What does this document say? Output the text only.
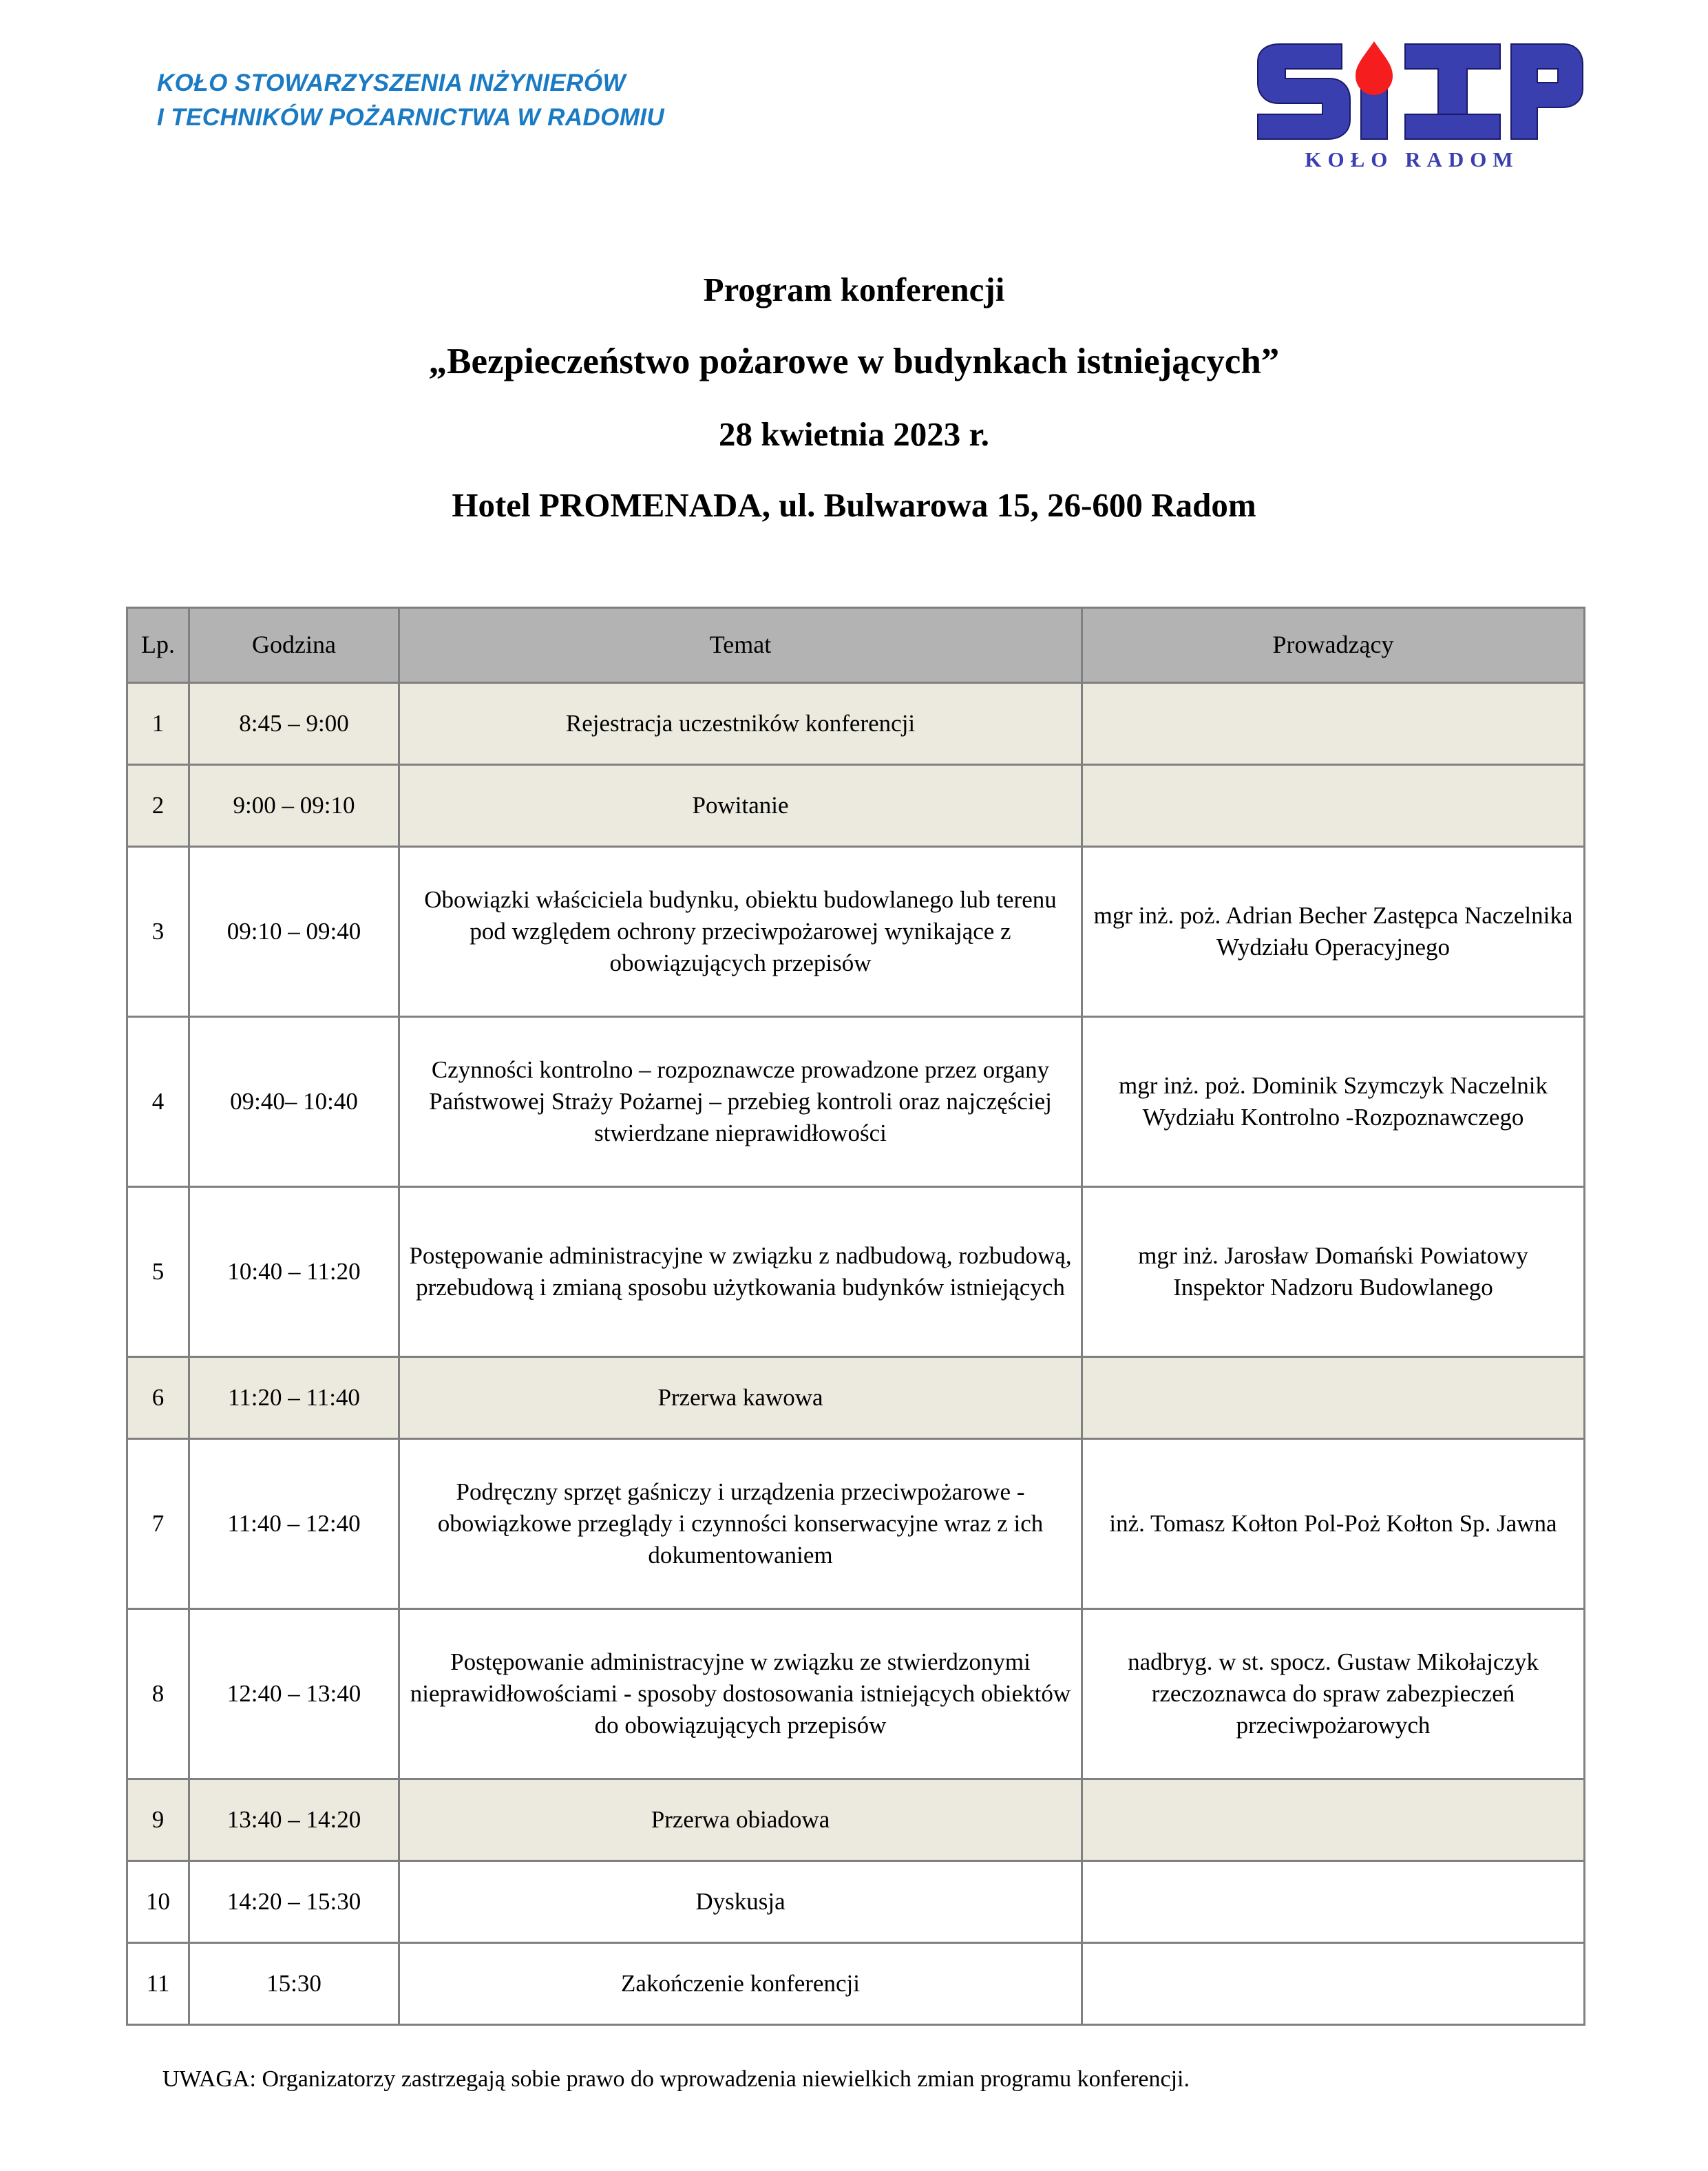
KOŁO STOWARZYSZENIA INŻYNIERÓW
I TECHNIKÓW POŻARNICTWA W RADOMIU
KOŁO RADOM
Program konferencji
„Bezpieczeństwo pożarowe w budynkach istniejących”
28 kwietnia 2023 r.
Hotel PROMENADA, ul. Bulwarowa 15, 26-600 Radom
Lp.	Godzina	Temat	Prowadzący
1	8:45 – 9:00	Rejestracja uczestników konferencji	
2	9:00 – 09:10	Powitanie	
3	09:10 – 09:40	Obowiązki właściciela budynku, obiektu budowlanego lub terenu pod względem ochrony przeciwpożarowej wynikające z obowiązujących przepisów	mgr inż. poż. Adrian Becher Zastępca Naczelnika Wydziału Operacyjnego
4	09:40– 10:40	Czynności kontrolno – rozpoznawcze prowadzone przez organy Państwowej Straży Pożarnej – przebieg kontroli oraz najczęściej stwierdzane nieprawidłowości	mgr inż. poż. Dominik Szymczyk Naczelnik Wydziału Kontrolno -Rozpoznawczego
5	10:40 – 11:20	Postępowanie administracyjne w związku z nadbudową, rozbudową, przebudową i zmianą sposobu użytkowania budynków istniejących	mgr inż. Jarosław Domański Powiatowy Inspektor Nadzoru Budowlanego
6	11:20 – 11:40	Przerwa kawowa	
7	11:40 – 12:40	Podręczny sprzęt gaśniczy i urządzenia przeciwpożarowe - obowiązkowe przeglądy i czynności konserwacyjne wraz z ich dokumentowaniem	inż. Tomasz Kołton Pol-Poż Kołton Sp. Jawna
8	12:40 – 13:40	Postępowanie administracyjne w związku ze stwierdzonymi nieprawidłowościami - sposoby dostosowania istniejących obiektów do obowiązujących przepisów	nadbryg. w st. spocz. Gustaw Mikołajczyk rzeczoznawca do spraw zabezpieczeń przeciwpożarowych
9	13:40 – 14:20	Przerwa obiadowa	
10	14:20 – 15:30	Dyskusja	
11	15:30	Zakończenie konferencji	
UWAGA: Organizatorzy zastrzegają sobie prawo do wprowadzenia niewielkich zmian programu konferencji.
